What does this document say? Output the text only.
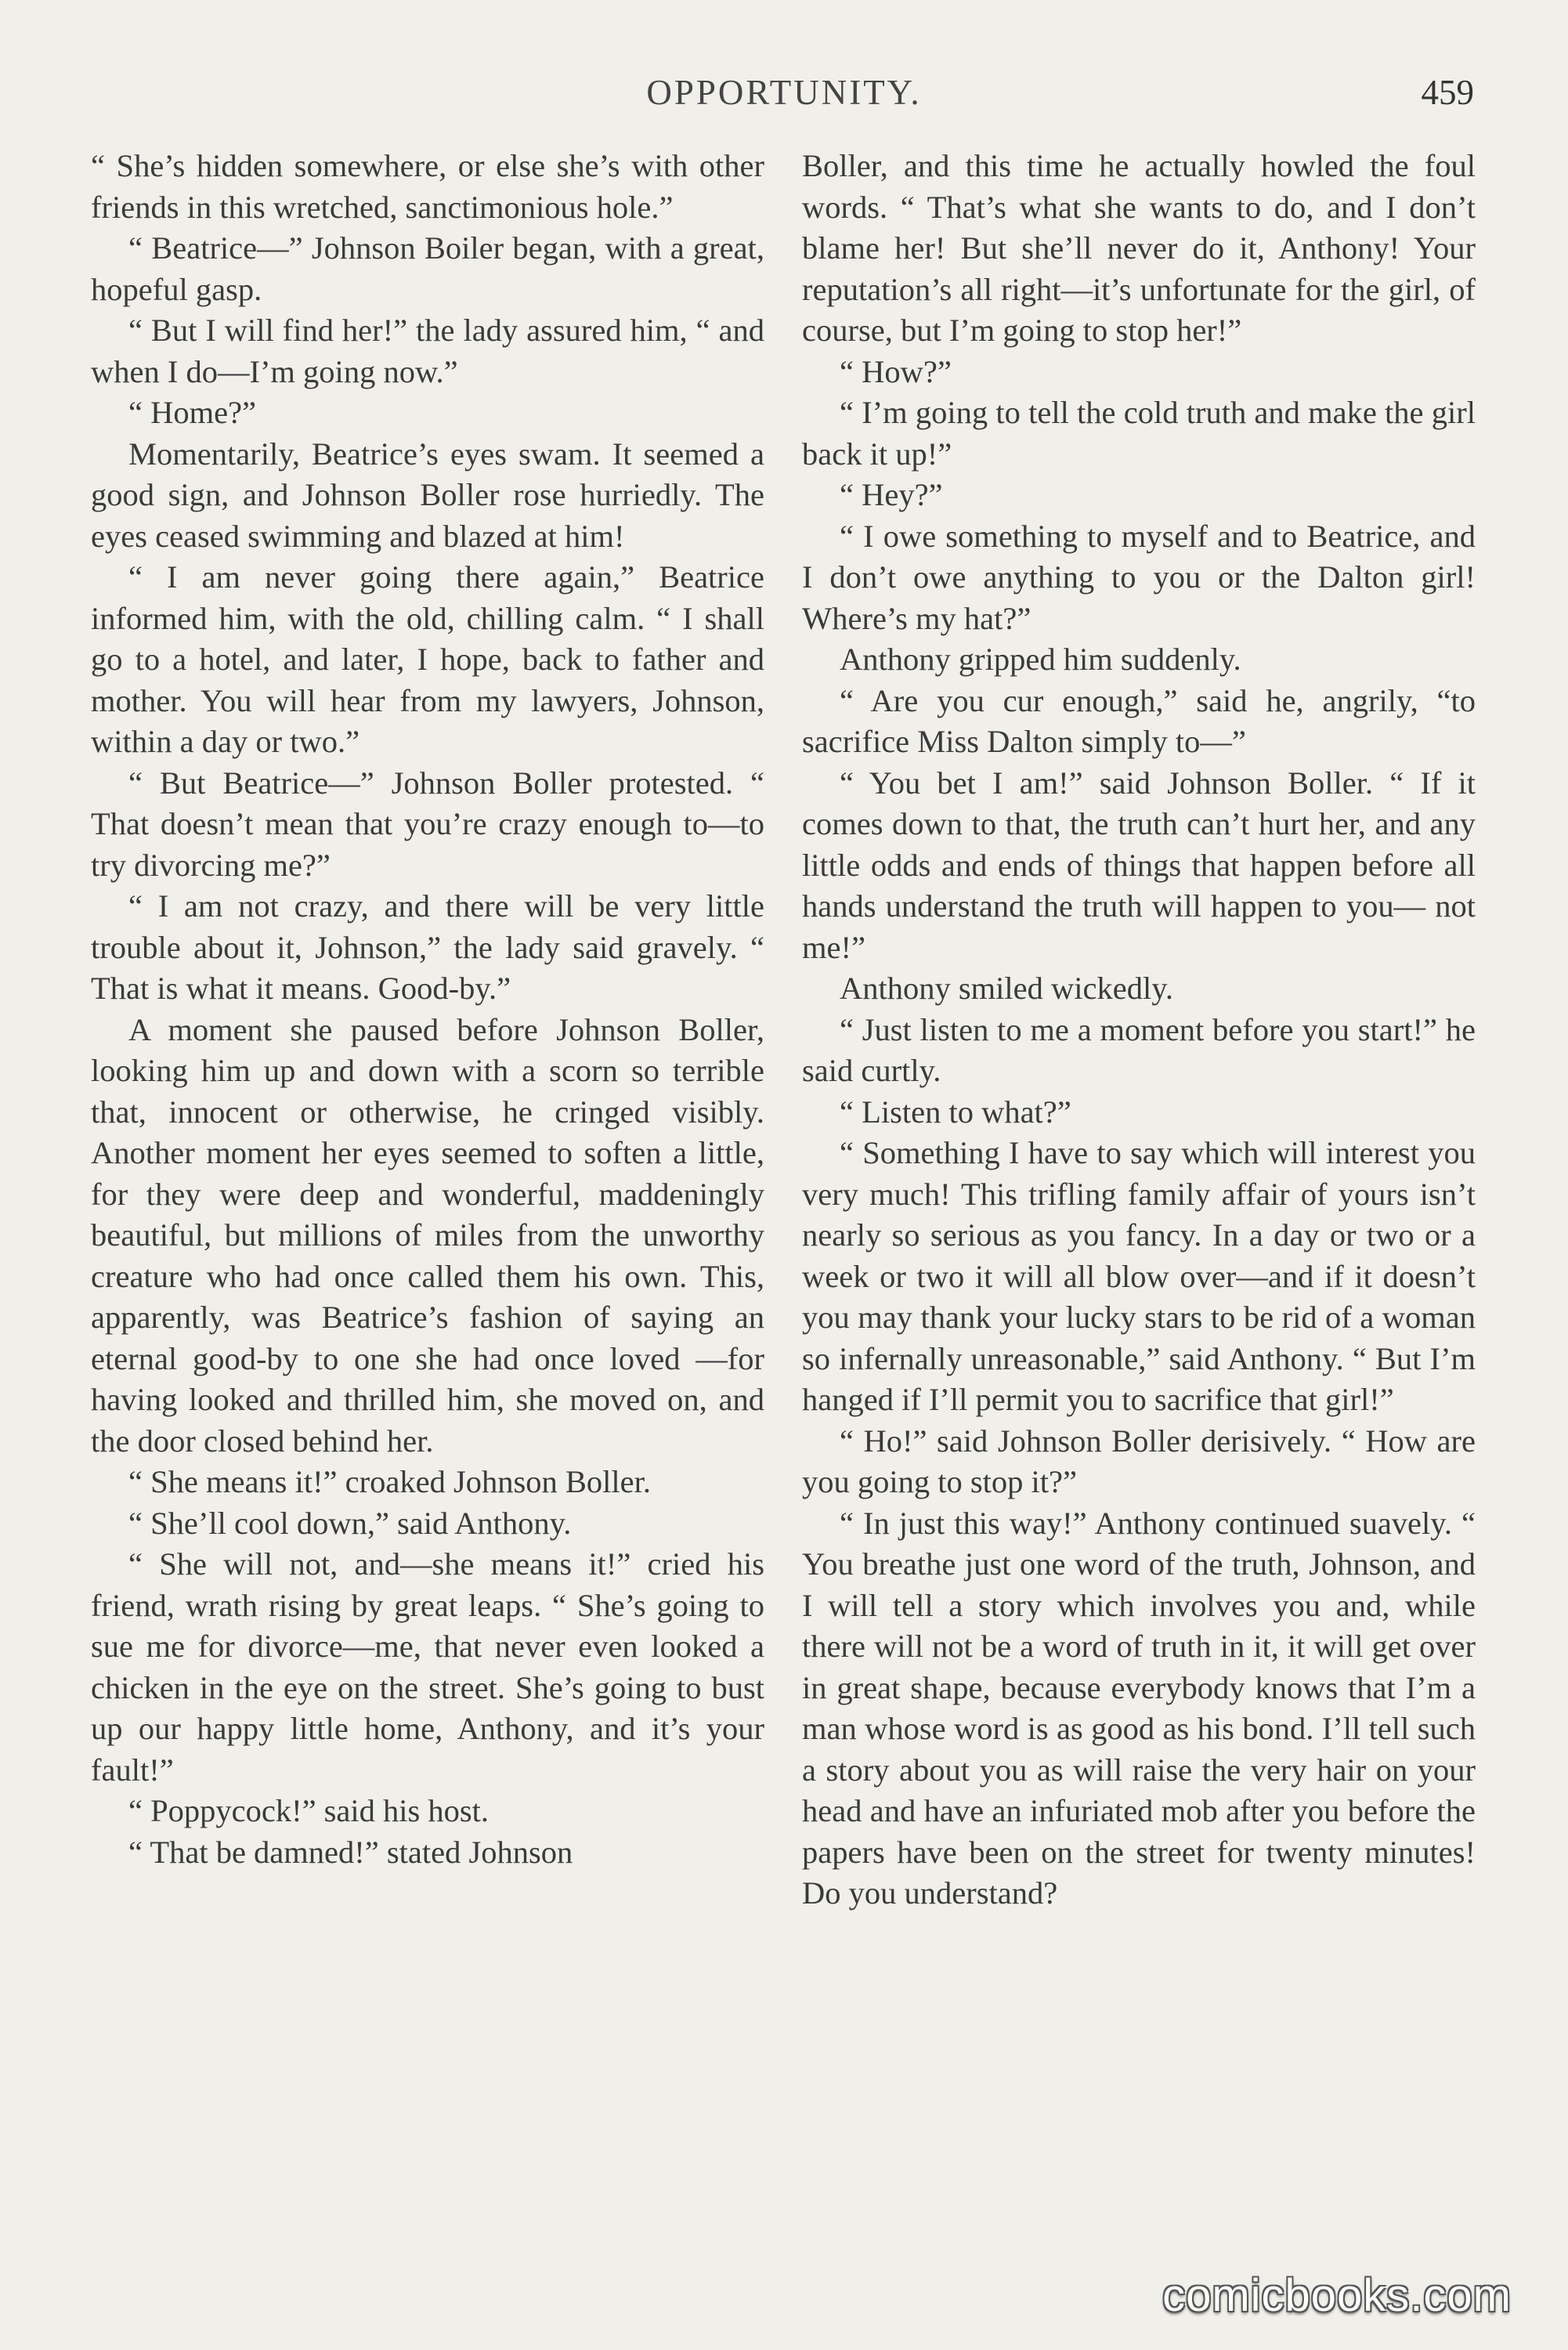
OPPORTUNITY.	459

“ She’s hidden somewhere, or else she’s with other friends in this wretched, sanctimonious hole.”

“ Beatrice—” Johnson Boiler began, with a great, hopeful gasp.

“ But I will find her!” the lady assured him, “ and when I do—I’m going now.”

“ Home?”

Momentarily, Beatrice’s eyes swam. It seemed a good sign, and Johnson Boller rose hurriedly. The eyes ceased swimming and blazed at him!

“ I am never going there again,” Beatrice informed him, with the old, chilling calm. “ I shall go to a hotel, and later, I hope, back to father and mother. You will hear from my lawyers, Johnson, within a day or two.”

“ But Beatrice—” Johnson Boller protested. “ That doesn’t mean that you’re crazy enough to—to try divorcing me?”

“ I am not crazy, and there will be very little trouble about it, Johnson,” the lady said gravely. “ That is what it means. Good-by.”

A moment she paused before Johnson Boller, looking him up and down with a scorn so terrible that, innocent or otherwise, he cringed visibly. Another moment her eyes seemed to soften a little, for they were deep and wonderful, maddeningly beautiful, but millions of miles from the unworthy creature who had once called them his own. This, apparently, was Beatrice’s fashion of saying an eternal good-by to one she had once loved —for having looked and thrilled him, she moved on, and the door closed behind her.

“ She means it!” croaked Johnson Boller.

“ She’ll cool down,” said Anthony.

“ She will not, and—she means it!” cried his friend, wrath rising by great leaps. “ She’s going to sue me for divorce—me, that never even looked a chicken in the eye on the street. She’s going to bust up our happy little home, Anthony, and it’s your fault!”

“ Poppycock!” said his host.

“ That be damned!” stated Johnson

Boller, and this time he actually howled the foul words. “ That’s what she wants to do, and I don’t blame her! But she’ll never do it, Anthony! Your reputation’s all right—it’s unfortunate for the girl, of course, but I’m going to stop her!”

“ How?”

“ I’m going to tell the cold truth and make the girl back it up!”

“ Hey?”

“ I owe something to myself and to Beatrice, and I don’t owe anything to you or the Dalton girl! Where’s my hat?”

Anthony gripped him suddenly.

“ Are you cur enough,” said he, angrily, “to sacrifice Miss Dalton simply to—”

“ You bet I am!” said Johnson Boller. “ If it comes down to that, the truth can’t hurt her, and any little odds and ends of things that happen before all hands understand the truth will happen to you— not me!”

Anthony smiled wickedly.

“ Just listen to me a moment before you start!” he said curtly.

“ Listen to what?”

“ Something I have to say which will interest you very much! This trifling family affair of yours isn’t nearly so serious as you fancy. In a day or two or a week or two it will all blow over—and if it doesn’t you may thank your lucky stars to be rid of a woman so infernally unreasonable,” said Anthony. “ But I’m hanged if I’ll permit you to sacrifice that girl!”

“ Ho!” said Johnson Boller derisively. “ How are you going to stop it?”

“ In just this way!” Anthony continued suavely. “ You breathe just one word of the truth, Johnson, and I will tell a story which involves you and, while there will not be a word of truth in it, it will get over in great shape, because everybody knows that I’m a man whose word is as good as his bond. I’ll tell such a story about you as will raise the very hair on your head and have an infuriated mob after you before the papers have been on the street for twenty minutes! Do you understand?

comicbooks.com
